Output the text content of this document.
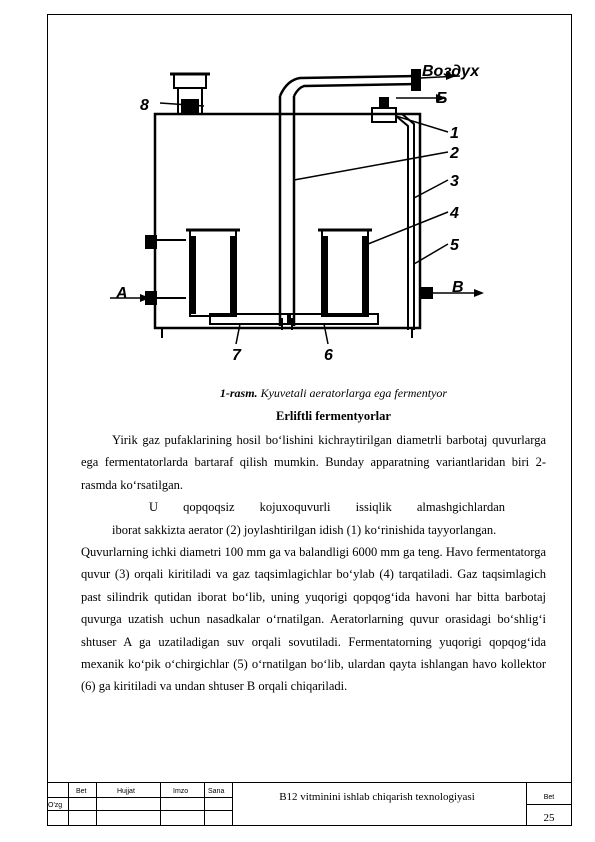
Воздух
Б
В
А
1
2
3
4
5
6
7
8
1-rasm. Kyuvetali aeratorlarga ega fermentyor
Erliftli fermentyorlar

Yirik gaz pufaklarining hosil bo‘lishini kichraytirilgan diametrli barbotaj quvurlarga ega fermentatorlarda bartaraf qilish mumkin. Bunday apparatning variantlaridan biri 2-rasmda ko‘rsatilgan.

U qopqoqsiz kojuxoquvurli issiqlik almashgichlardan

iborat sakkizta aerator (2) joylashtirilgan idish (1) ko‘rinishida tayyorlangan.

Quvurlarning ichki diametri 100 mm ga va balandligi 6000 mm ga teng. Havo fermentatorga quvur (3) orqali kiritiladi va gaz taqsimlagichlar bo‘ylab (4) tarqatiladi. Gaz taqsimlagich past silindrik qutidan iborat bo‘lib, uning yuqorigi qopqog‘ida havoni har bitta barbotaj quvurga uzatish uchun nasadkalar o‘rnatilgan. Aeratorlarning quvur orasidagi bo‘shlig‘i shtuser A ga uzatiladigan suv orqali sovutiladi. Fermentatorning yuqorigi qopqog‘ida mexanik ko‘pik o‘chirgichlar (5) o‘rnatilgan bo‘lib, ulardan qayta ishlangan havo kollektor (6) ga kiritiladi va undan shtuser B orqali chiqariladi.

O'zg
Bet	Hujjat	Imzo	Sana	B12 vitminini ishlab chiqarish texnologiyasi	Bet
25
